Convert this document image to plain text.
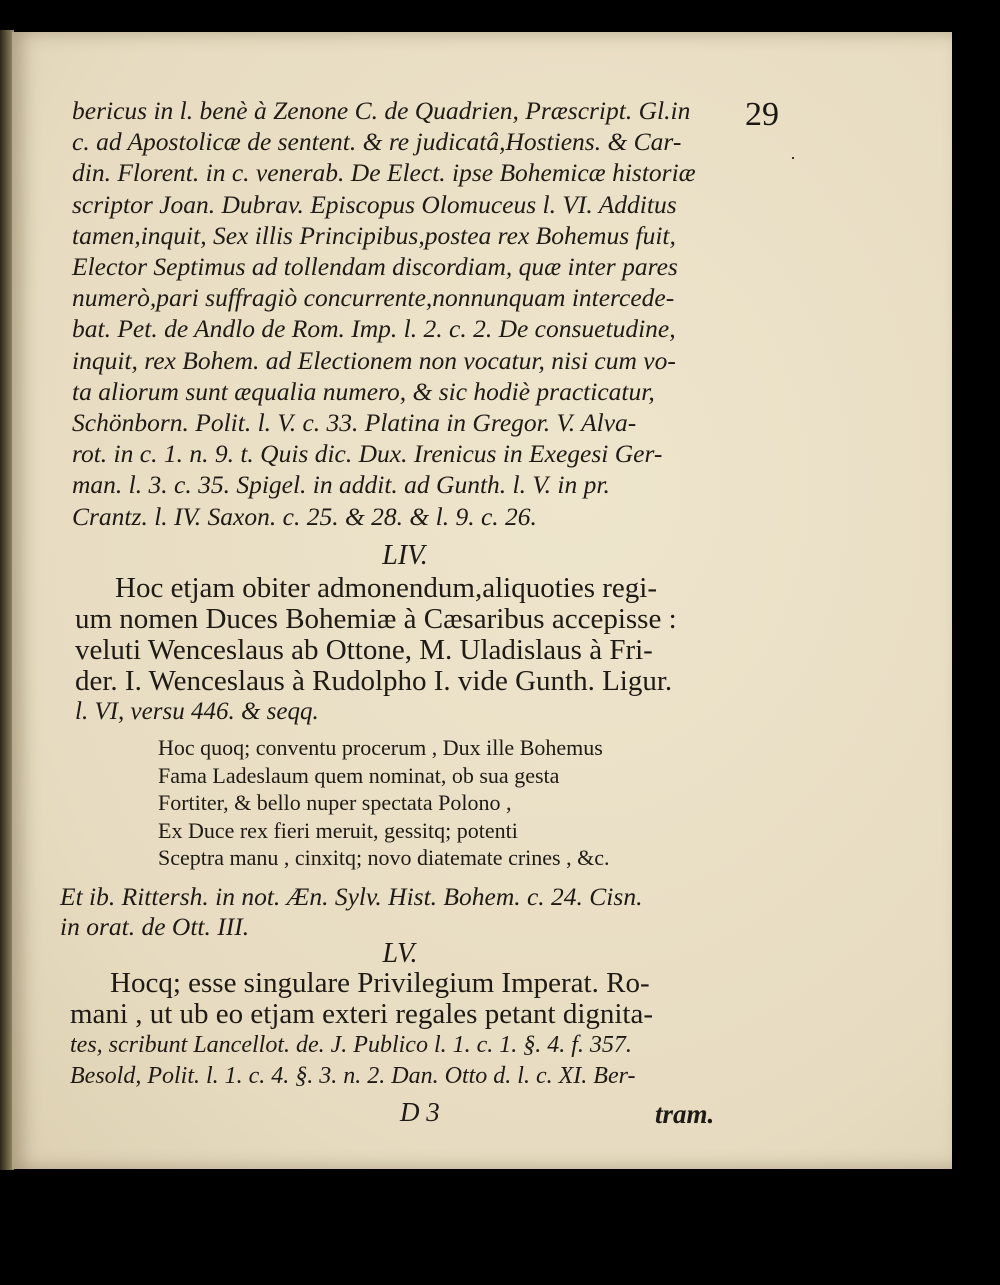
29
·
bericus in l. benè à Zenone C. de Quadrien, Præscript. Gl.in
c. ad Apostolicæ de sentent. & re judicatâ,Hostiens. & Car-
din. Florent. in c. venerab. De Elect. ipse Bohemicæ historiæ
scriptor Joan. Dubrav. Episcopus Olomuceus l. VI. Additus
tamen,inquit, Sex illis Principibus,postea rex Bohemus fuit,
Elector Septimus ad tollendam discordiam, quæ inter pares
numerò,pari suffragiò concurrente,nonnunquam intercede-
bat. Pet. de Andlo de Rom. Imp. l. 2. c. 2. De consuetudine,
inquit, rex Bohem. ad Electionem non vocatur, nisi cum vo-
ta aliorum sunt æqualia numero, & sic hodiè practicatur,
Schönborn. Polit. l. V. c. 33. Platina in Gregor. V. Alva-
rot. in c. 1. n. 9. t. Quis dic. Dux. Irenicus in Exegesi Ger-
man. l. 3. c. 35. Spigel. in addit. ad Gunth. l. V. in pr.
Crantz. l. IV. Saxon. c. 25. & 28. & l. 9. c. 26.
LIV.
Hoc etjam obiter admonendum,aliquoties regi-
um nomen Duces Bohemiæ à Cæsaribus accepisse :
veluti Wenceslaus ab Ottone, M. Uladislaus à Fri-
der. I. Wenceslaus à Rudolpho I. vide Gunth. Ligur.
l. VI, versu 446. & seqq.
Hoc quoq; conventu procerum , Dux ille Bohemus
Fama Ladeslaum quem nominat, ob sua gesta
Fortiter, & bello nuper spectata Polono ,
Ex Duce rex fieri meruit, gessitq; potenti
Sceptra manu , cinxitq; novo diatemate crines , &c.
Et ib. Rittersh. in not. Æn. Sylv. Hist. Bohem. c. 24. Cisn.
in orat. de Ott. III.
LV.
Hocq; esse singulare Privilegium Imperat. Ro-
mani , ut ub eo etjam exteri regales petant dignita-
tes, scribunt Lancellot. de. J. Publico l. 1. c. 1. §. 4. f. 357.
Besold, Polit. l. 1. c. 4. §. 3. n. 2. Dan. Otto d. l. c. XI. Ber-
D 3	tram.
